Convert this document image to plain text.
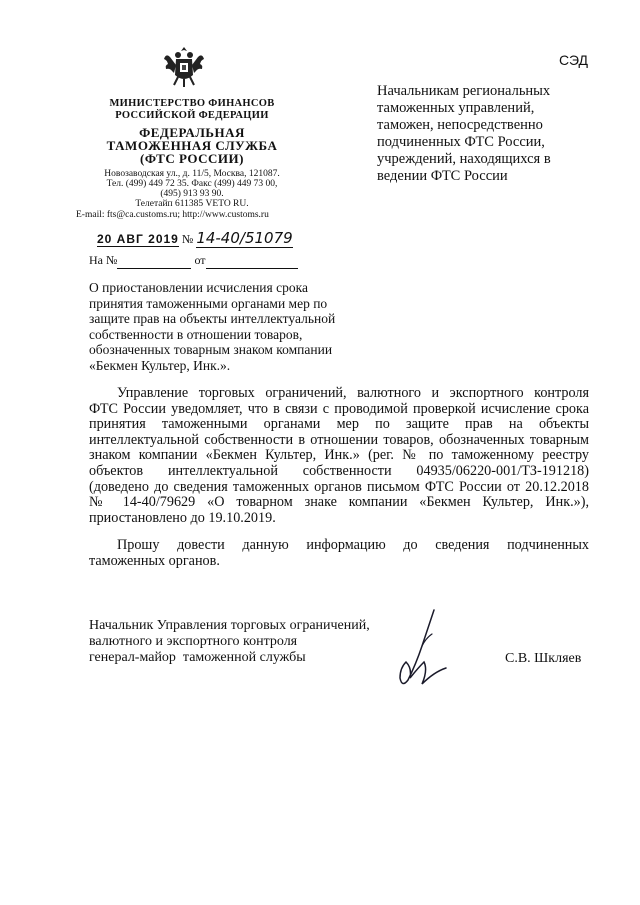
СЭД
МИНИСТЕРСТВО ФИНАНСОВ
РОССИЙСКОЙ ФЕДЕРАЦИИ
ФЕДЕРАЛЬНАЯ
ТАМОЖЕННАЯ СЛУЖБА
(ФТС РОССИИ)
Новозаводская ул., д. 11/5, Москва, 121087.
Тел. (499) 449 72 35. Факс (499) 449 73 00,
(495) 913 93 90.
Телетайп 611385 VETO RU.
E-mail: fts@ca.customs.ru; http://www.customs.ru
20 АВГ 2019 № 14-40/51079
На №	от
Начальникам региональных
таможенных управлений,
таможен, непосредственно
подчиненных ФТС России,
учреждений, находящихся в
ведении ФТС России
О приостановлении исчисления срока
принятия таможенными органами мер по
защите прав на объекты интеллектуальной
собственности в отношении товаров,
обозначенных товарным знаком компании
«Бекмен Культер, Инк.».
Управление торговых ограничений, валютного и экспортного контроля
ФТС России уведомляет, что в связи с проводимой проверкой исчисление срока
принятия таможенными органами мер по защите прав на объекты
интеллектуальной собственности в отношении товаров, обозначенных товарным
знаком компании «Бекмен Культер, Инк.» (рег. № по таможенному реестру
объектов интеллектуальной собственности 04935/06220-001/ТЗ-191218)
(доведено до сведения таможенных органов письмом ФТС России от 20.12.2018
№ 14-40/79629 «О товарном знаке компании «Бекмен Культер, Инк.»),
приостановлено до 19.10.2019.
Прошу довести данную информацию до сведения подчиненных
таможенных органов.
Начальник Управления торговых ограничений,
валютного и экспортного контроля
генерал-майор  таможенной службы	С.В. Шкляев
